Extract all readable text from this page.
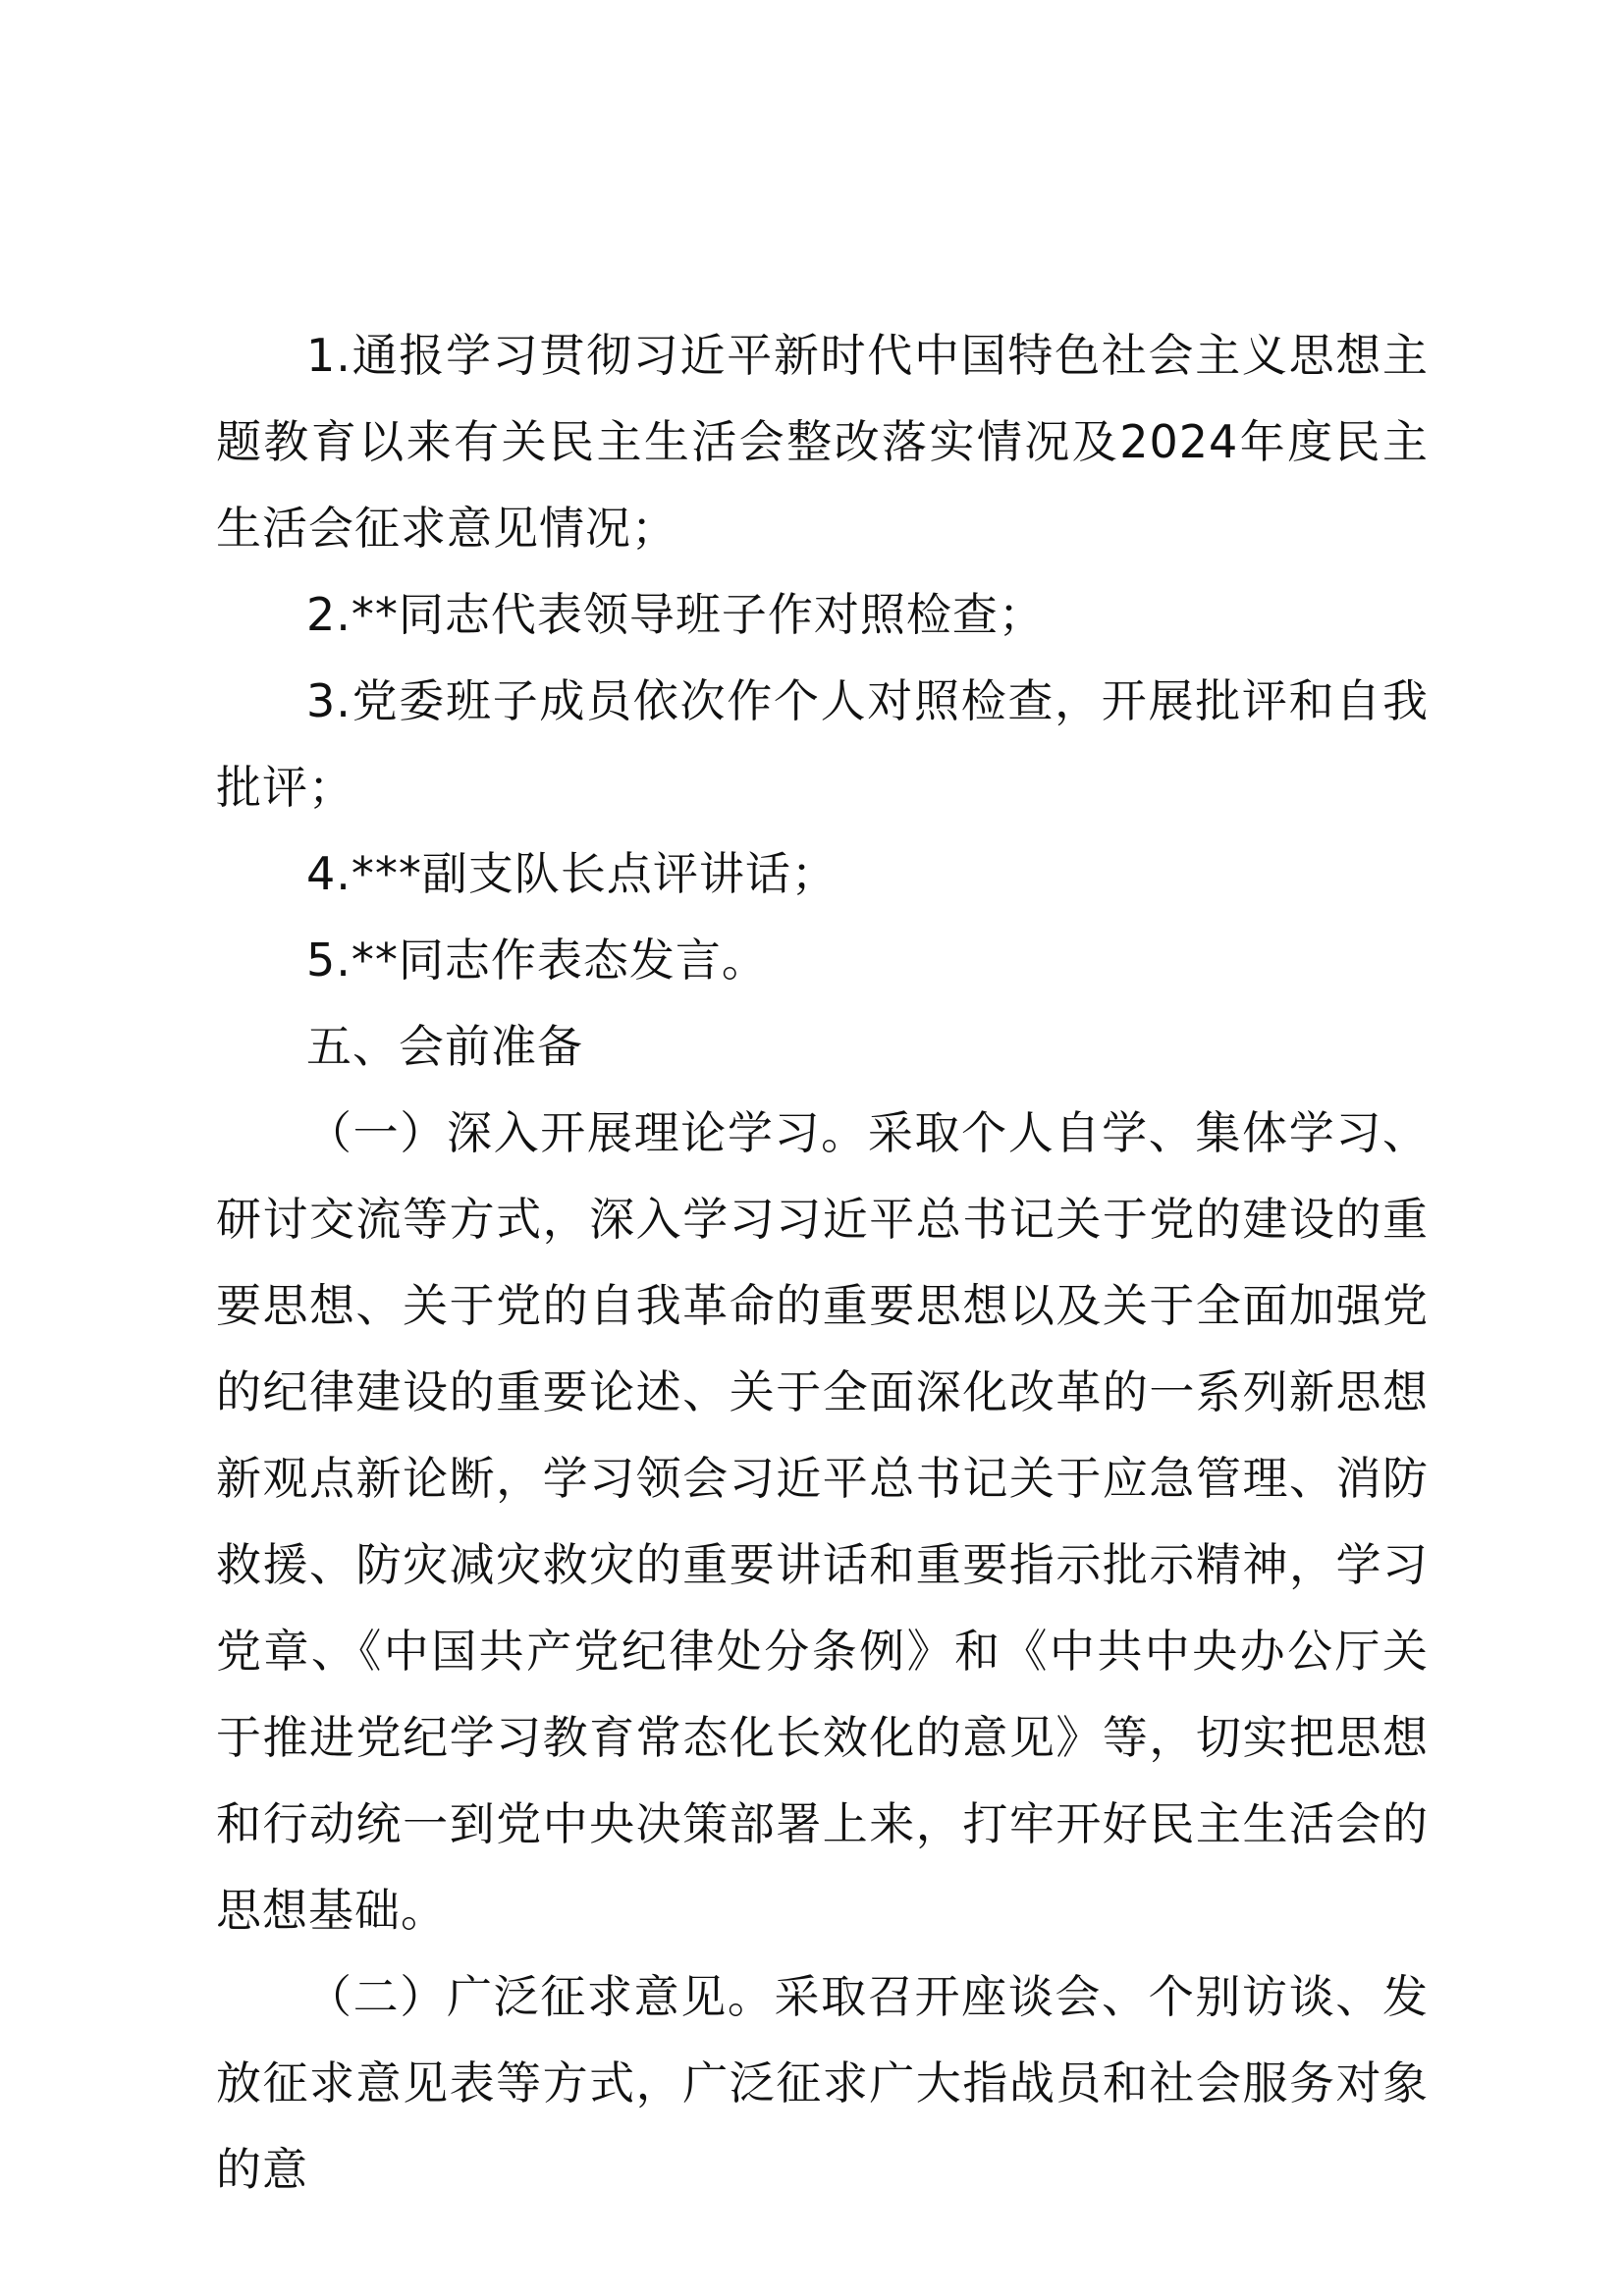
1.通报学习贯彻习近平新时代中国特色社会主义思想主题教育以来有关民主生活会整改落实情况及2024年度民主生活会征求意见情况；

2.**同志代表领导班子作对照检查；

3.党委班子成员依次作个人对照检查，开展批评和自我批评；

4.***副支队长点评讲话；

5.**同志作表态发言。

五、会前准备

（一）深入开展理论学习。采取个人自学、集体学习、研讨交流等方式，深入学习习近平总书记关于党的建设的重要思想、关于党的自我革命的重要思想以及关于全面加强党的纪律建设的重要论述、关于全面深化改革的一系列新思想新观点新论断，学习领会习近平总书记关于应急管理、消防救援、防灾减灾救灾的重要讲话和重要指示批示精神，学习党章、《中国共产党纪律处分条例》和《中共中央办公厅关于推进党纪学习教育常态化长效化的意见》等，切实把思想和行动统一到党中央决策部署上来，打牢开好民主生活会的思想基础。

（二）广泛征求意见。采取召开座谈会、个别访谈、发放征求意见表等方式，广泛征求广大指战员和社会服务对象的意
